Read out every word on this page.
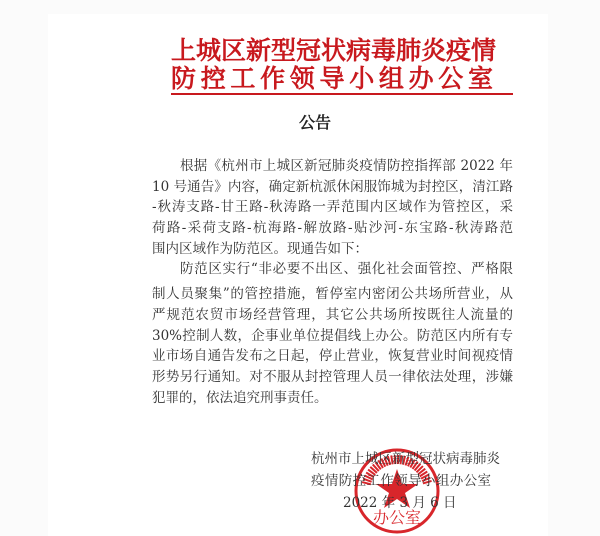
上城区新型冠状病毒肺炎疫情
防控工作领导小组办公室
公告
根据《杭州市上城区新冠肺炎疫情防控指挥部 2022 年
10 号通告》内容，确定新杭派休闲服饰城为封控区，清江路
-秋涛支路-甘王路-秋涛路一弄范围内区域作为管控区，采
荷路-采荷支路-杭海路-解放路-贴沙河-东宝路-秋涛路范
围内区域作为防范区。现通告如下：
防范区实行“非必要不出区、强化社会面管控、严格限
制人员聚集”的管控措施，暂停室内密闭公共场所营业，从
严规范农贸市场经营管理，其它公共场所按既往人流量的
30%控制人数，企事业单位提倡线上办公。防范区内所有专
业市场自通告发布之日起，停止营业，恢复营业时间视疫情
形势另行通知。对不服从封控管理人员一律依法处理，涉嫌
犯罪的，依法追究刑事责任。
办公室
杭州市上城区新型冠状病毒肺炎
疫情防控工作领导小组办公室
2022 年 3 月 6 日
